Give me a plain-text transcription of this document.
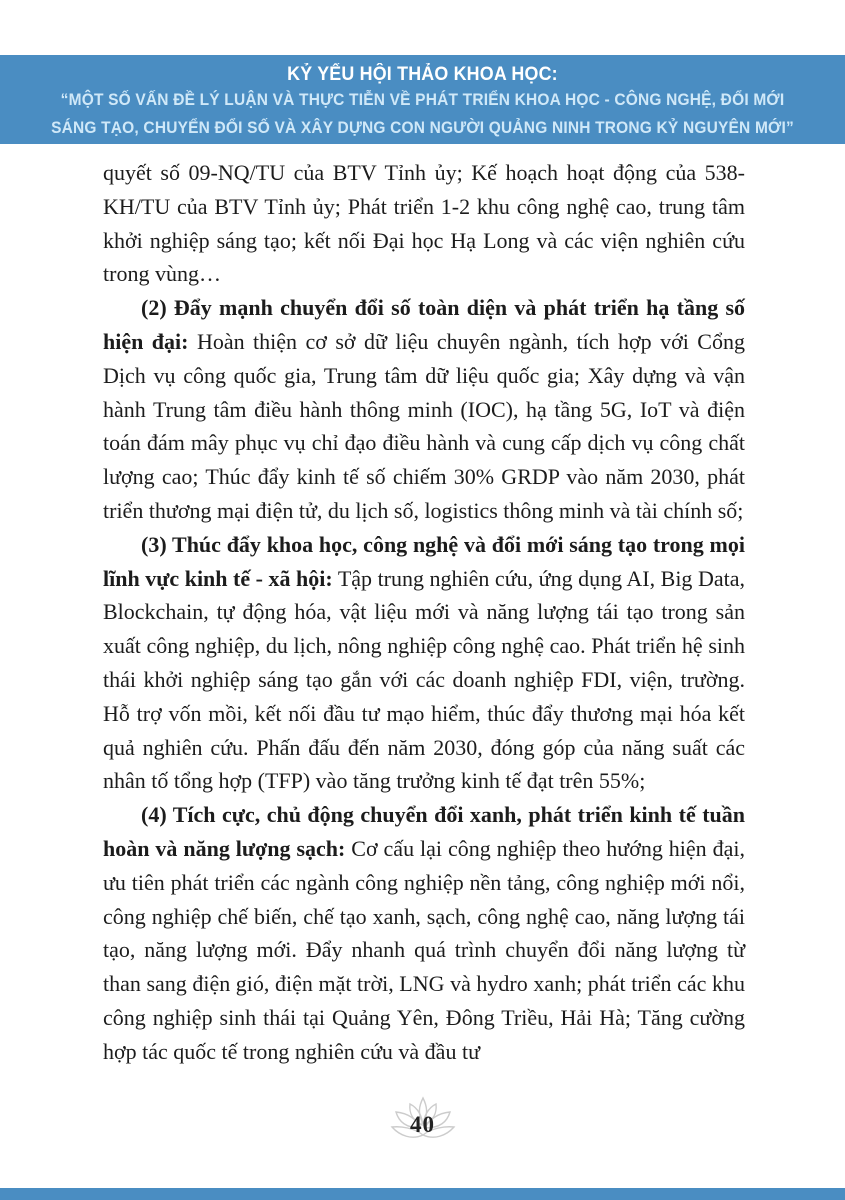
KỶ YẾU HỘI THẢO KHOA HỌC:
“MỘT SỐ VẤN ĐỀ LÝ LUẬN VÀ THỰC TIỄN VỀ PHÁT TRIỂN KHOA HỌC - CÔNG NGHỆ, ĐỔI MỚI
SÁNG TẠO, CHUYỂN ĐỔI SỐ VÀ XÂY DỰNG CON NGƯỜI QUẢNG NINH TRONG KỶ NGUYÊN MỚI”

quyết số 09-NQ/TU của BTV Tỉnh ủy; Kế hoạch hoạt động của 538-KH/TU của BTV Tỉnh ủy; Phát triển 1-2 khu công nghệ cao, trung tâm khởi nghiệp sáng tạo; kết nối Đại học Hạ Long và các viện nghiên cứu trong vùng…

(2) Đẩy mạnh chuyển đổi số toàn diện và phát triển hạ tầng số hiện đại: Hoàn thiện cơ sở dữ liệu chuyên ngành, tích hợp với Cổng Dịch vụ công quốc gia, Trung tâm dữ liệu quốc gia; Xây dựng và vận hành Trung tâm điều hành thông minh (IOC), hạ tầng 5G, IoT và điện toán đám mây phục vụ chỉ đạo điều hành và cung cấp dịch vụ công chất lượng cao; Thúc đẩy kinh tế số chiếm 30% GRDP vào năm 2030, phát triển thương mại điện tử, du lịch số, logistics thông minh và tài chính số;

(3) Thúc đẩy khoa học, công nghệ và đổi mới sáng tạo trong mọi lĩnh vực kinh tế - xã hội: Tập trung nghiên cứu, ứng dụng AI, Big Data, Blockchain, tự động hóa, vật liệu mới và năng lượng tái tạo trong sản xuất công nghiệp, du lịch, nông nghiệp công nghệ cao. Phát triển hệ sinh thái khởi nghiệp sáng tạo gắn với các doanh nghiệp FDI, viện, trường. Hỗ trợ vốn mồi, kết nối đầu tư mạo hiểm, thúc đẩy thương mại hóa kết quả nghiên cứu. Phấn đấu đến năm 2030, đóng góp của năng suất các nhân tố tổng hợp (TFP) vào tăng trưởng kinh tế đạt trên 55%;

(4) Tích cực, chủ động chuyển đổi xanh, phát triển kinh tế tuần hoàn và năng lượng sạch: Cơ cấu lại công nghiệp theo hướng hiện đại, ưu tiên phát triển các ngành công nghiệp nền tảng, công nghiệp mới nổi, công nghiệp chế biến, chế tạo xanh, sạch, công nghệ cao, năng lượng tái tạo, năng lượng mới. Đẩy nhanh quá trình chuyển đổi năng lượng từ than sang điện gió, điện mặt trời, LNG và hydro xanh; phát triển các khu công nghiệp sinh thái tại Quảng Yên, Đông Triều, Hải Hà; Tăng cường hợp tác quốc tế trong nghiên cứu và đầu tư

40
